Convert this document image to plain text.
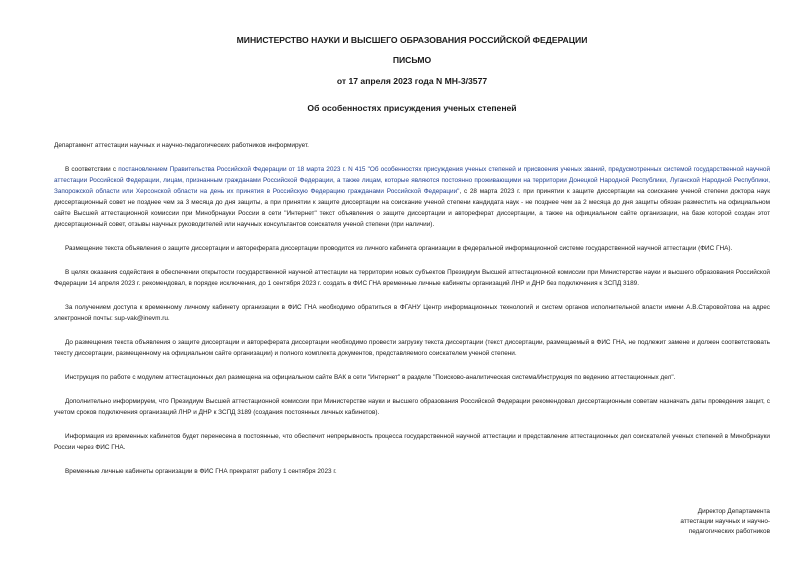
МИНИСТЕРСТВО НАУКИ И ВЫСШЕГО ОБРАЗОВАНИЯ РОССИЙСКОЙ ФЕДЕРАЦИИ

ПИСЬМО

от 17 апреля 2023 года N МН-3/3577

Об особенностях присуждения ученых степеней

Департамент аттестации научных и научно-педагогических работников информирует.

В соответствии с постановлением Правительства Российской Федерации от 18 марта 2023 г. N 415 "Об особенностях присуждения ученых степеней и присвоения ученых званий, предусмотренных системой государственной научной аттестации Российской Федерации, лицам, признанным гражданами Российской Федерации, а также лицам, которые являются постоянно проживающими на территории Донецкой Народной Республики, Луганской Народной Республики, Запорожской области или Херсонской области на день их принятия в Российскую Федерацию гражданами Российской Федерации", с 28 марта 2023 г. при принятии к защите диссертации на соискание ученой степени доктора наук диссертационный совет не позднее чем за 3 месяца до дня защиты, а при принятии к защите диссертации на соискание ученой степени кандидата наук - не позднее чем за 2 месяца до дня защиты обязан разместить на официальном сайте Высшей аттестационной комиссии при Минобрнауки России в сети "Интернет" текст объявления о защите диссертации и автореферат диссертации, а также на официальном сайте организации, на базе которой создан этот диссертационный совет, отзывы научных руководителей или научных консультантов соискателя ученой степени (при наличии).

Размещение текста объявления о защите диссертации и автореферата диссертации проводится из личного кабинета организации в федеральной информационной системе государственной научной аттестации (ФИС ГНА).

В целях оказания содействия в обеспечении открытости государственной научной аттестации на территории новых субъектов Президиум Высшей аттестационной комиссии при Министерстве науки и высшего образования Российской Федерации 14 апреля 2023 г. рекомендовал, в порядке исключения, до 1 сентября 2023 г. создать в ФИС ГНА временные личные кабинеты организаций ЛНР и ДНР без подключения к ЗСПД 3189.

За получением доступа к временному личному кабинету организации в ФИС ГНА необходимо обратиться в ФГАНУ Центр информационных технологий и систем органов исполнительной власти имени А.В.Старовойтова на адрес электронной почты: sup-vak@inevm.ru.

До размещения текста объявления о защите диссертации и автореферата диссертации необходимо провести загрузку текста диссертации (текст диссертации, размещаемый в ФИС ГНА, не подлежит замене и должен соответствовать тексту диссертации, размещенному на официальном сайте организации) и полного комплекта документов, представляемого соискателем ученой степени.

Инструкция по работе с модулем аттестационных дел размещена на официальном сайте ВАК в сети "Интернет" в разделе "Поисково-аналитическая система/Инструкция по ведению аттестационных дел".

Дополнительно информируем, что Президиум Высшей аттестационной комиссии при Министерстве науки и высшего образования Российской Федерации рекомендовал диссертационным советам назначать даты проведения защит, с учетом сроков подключения организаций ЛНР и ДНР к ЗСПД 3189 (создания постоянных личных кабинетов).

Информация из временных кабинетов будет перенесена в постоянные, что обеспечит непрерывность процесса государственной научной аттестации и представление аттестационных дел соискателей ученых степеней в Минобрнауки России через ФИС ГНА.

Временные личные кабинеты организации в ФИС ГНА прекратят работу 1 сентября 2023 г.

Директор Департамента
аттестации научных и научно-
педагогических работников
